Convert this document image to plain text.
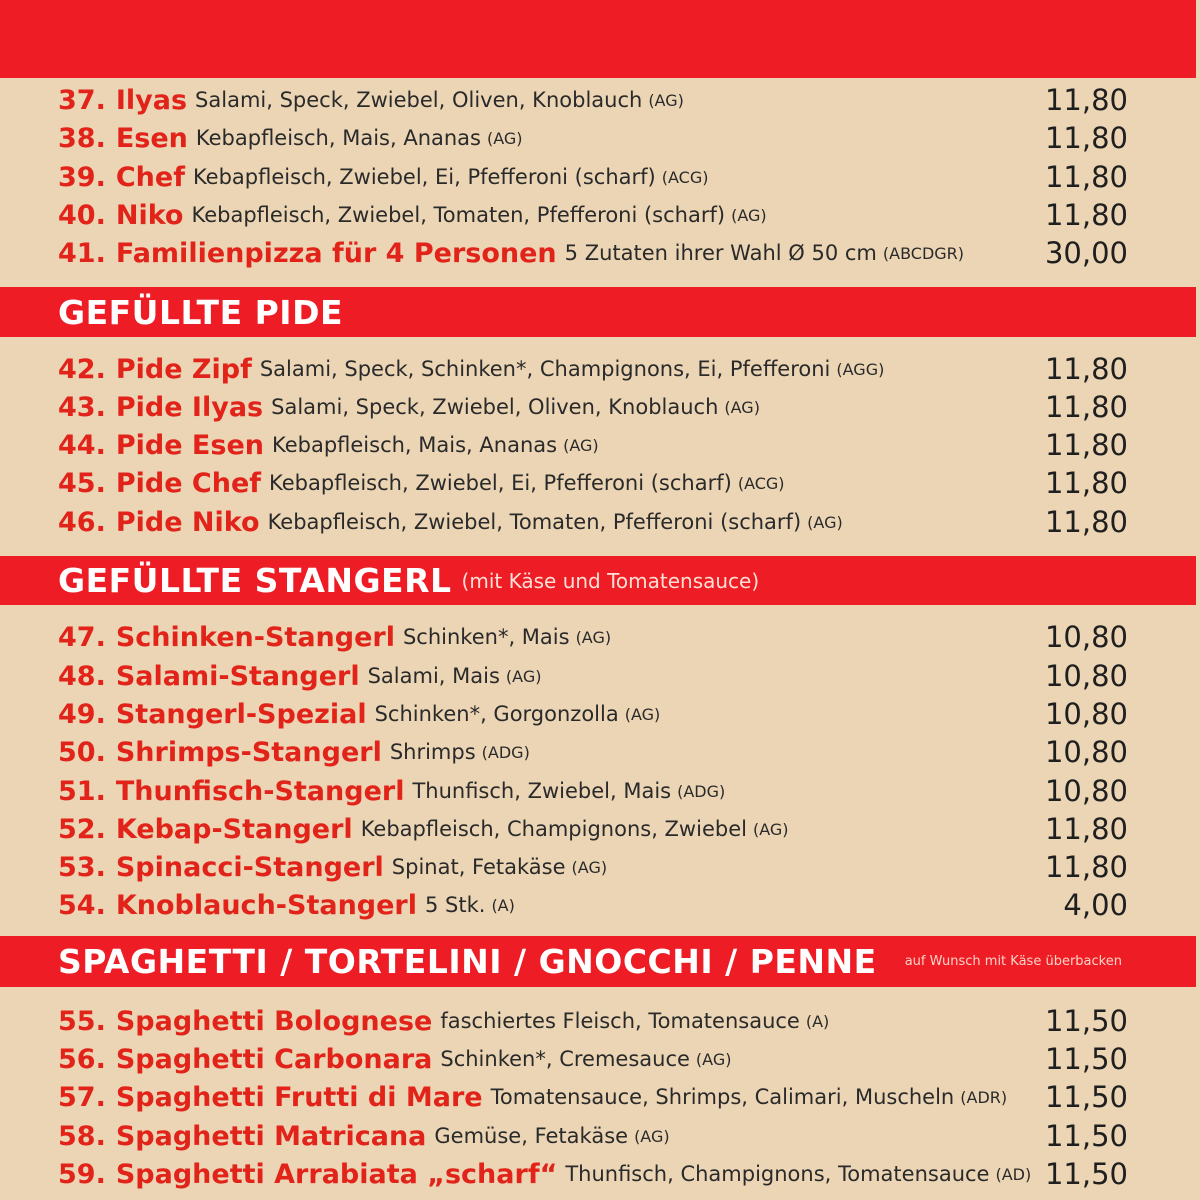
37. Ilyas Salami, Speck, Zwiebel, Oliven, Knoblauch (AG)	11,80
38. Esen Kebapfleisch, Mais, Ananas (AG)	11,80
39. Chef Kebapfleisch, Zwiebel, Ei, Pfefferoni (scharf) (ACG)	11,80
40. Niko Kebapfleisch, Zwiebel, Tomaten, Pfefferoni (scharf) (AG)	11,80
41. Familienpizza für 4 Personen 5 Zutaten ihrer Wahl Ø 50 cm (ABCDGR)	30,00
GEFÜLLTE PIDE
42. Pide Zipf Salami, Speck, Schinken*, Champignons, Ei, Pfefferoni (AGG)	11,80
43. Pide Ilyas Salami, Speck, Zwiebel, Oliven, Knoblauch (AG)	11,80
44. Pide Esen Kebapfleisch, Mais, Ananas (AG)	11,80
45. Pide Chef Kebapfleisch, Zwiebel, Ei, Pfefferoni (scharf) (ACG)	11,80
46. Pide Niko Kebapfleisch, Zwiebel, Tomaten, Pfefferoni (scharf) (AG)	11,80
GEFÜLLTE STANGERL (mit Käse und Tomatensauce)
47. Schinken-Stangerl Schinken*, Mais (AG)	10,80
48. Salami-Stangerl Salami, Mais (AG)	10,80
49. Stangerl-Spezial Schinken*, Gorgonzolla (AG)	10,80
50. Shrimps-Stangerl Shrimps (ADG)	10,80
51. Thunfisch-Stangerl Thunfisch, Zwiebel, Mais (ADG)	10,80
52. Kebap-Stangerl Kebapfleisch, Champignons, Zwiebel (AG)	11,80
53. Spinacci-Stangerl Spinat, Fetakäse (AG)	11,80
54. Knoblauch-Stangerl 5 Stk. (A)	4,00
SPAGHETTI / TORTELINI / GNOCCHI / PENNE auf Wunsch mit Käse überbacken
55. Spaghetti Bolognese faschiertes Fleisch, Tomatensauce (A)	11,50
56. Spaghetti Carbonara Schinken*, Cremesauce (AG)	11,50
57. Spaghetti Frutti di Mare Tomatensauce, Shrimps, Calimari, Muscheln (ADR) 11,50
58. Spaghetti Matricana Gemüse, Fetakäse (AG)	11,50
59. Spaghetti Arrabiata „scharf“ Thunfisch, Champignons, Tomatensauce (AD) 11,50
